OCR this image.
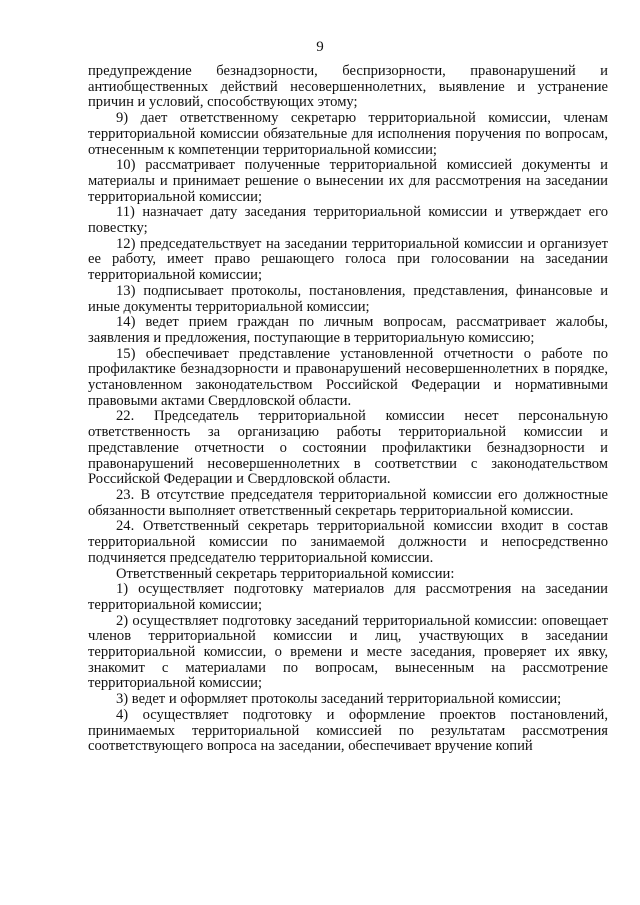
9

предупреждение безнадзорности, беспризорности, правонарушений и антиобщественных действий несовершеннолетних, выявление и устранение причин и условий, способствующих этому;

9) дает ответственному секретарю территориальной комиссии, членам территориальной комиссии обязательные для исполнения поручения по вопросам, отнесенным к компетенции территориальной комиссии;

10) рассматривает полученные территориальной комиссией документы и материалы и принимает решение о вынесении их для рассмотрения на заседании территориальной комиссии;

11) назначает дату заседания территориальной комиссии и утверждает его повестку;

12) председательствует на заседании территориальной комиссии и организует ее работу, имеет право решающего голоса при голосовании на заседании территориальной комиссии;

13) подписывает протоколы, постановления, представления, финансовые и иные документы территориальной комиссии;

14) ведет прием граждан по личным вопросам, рассматривает жалобы, заявления и предложения, поступающие в территориальную комиссию;

15) обеспечивает представление установленной отчетности о работе по профилактике безнадзорности и правонарушений несовершеннолетних в порядке, установленном законодательством Российской Федерации и нормативными правовыми актами Свердловской области.

22. Председатель территориальной комиссии несет персональную ответственность за организацию работы территориальной комиссии и представление отчетности о состоянии профилактики безнадзорности и правонарушений несовершеннолетних в соответствии с законодательством Российской Федерации и Свердловской области.

23. В отсутствие председателя территориальной комиссии его должностные обязанности выполняет ответственный секретарь территориальной комиссии.

24. Ответственный секретарь территориальной комиссии входит в состав территориальной комиссии по занимаемой должности и непосредственно подчиняется председателю территориальной комиссии.

Ответственный секретарь территориальной комиссии:

1) осуществляет подготовку материалов для рассмотрения на заседании территориальной комиссии;

2) осуществляет подготовку заседаний территориальной комиссии: оповещает членов территориальной комиссии и лиц, участвующих в заседании территориальной комиссии, о времени и месте заседания, проверяет их явку, знакомит с материалами по вопросам, вынесенным на рассмотрение территориальной комиссии;

3) ведет и оформляет протоколы заседаний территориальной комиссии;

4) осуществляет подготовку и оформление проектов постановлений, принимаемых территориальной комиссией по результатам рассмотрения соответствующего вопроса на заседании, обеспечивает вручение копий
